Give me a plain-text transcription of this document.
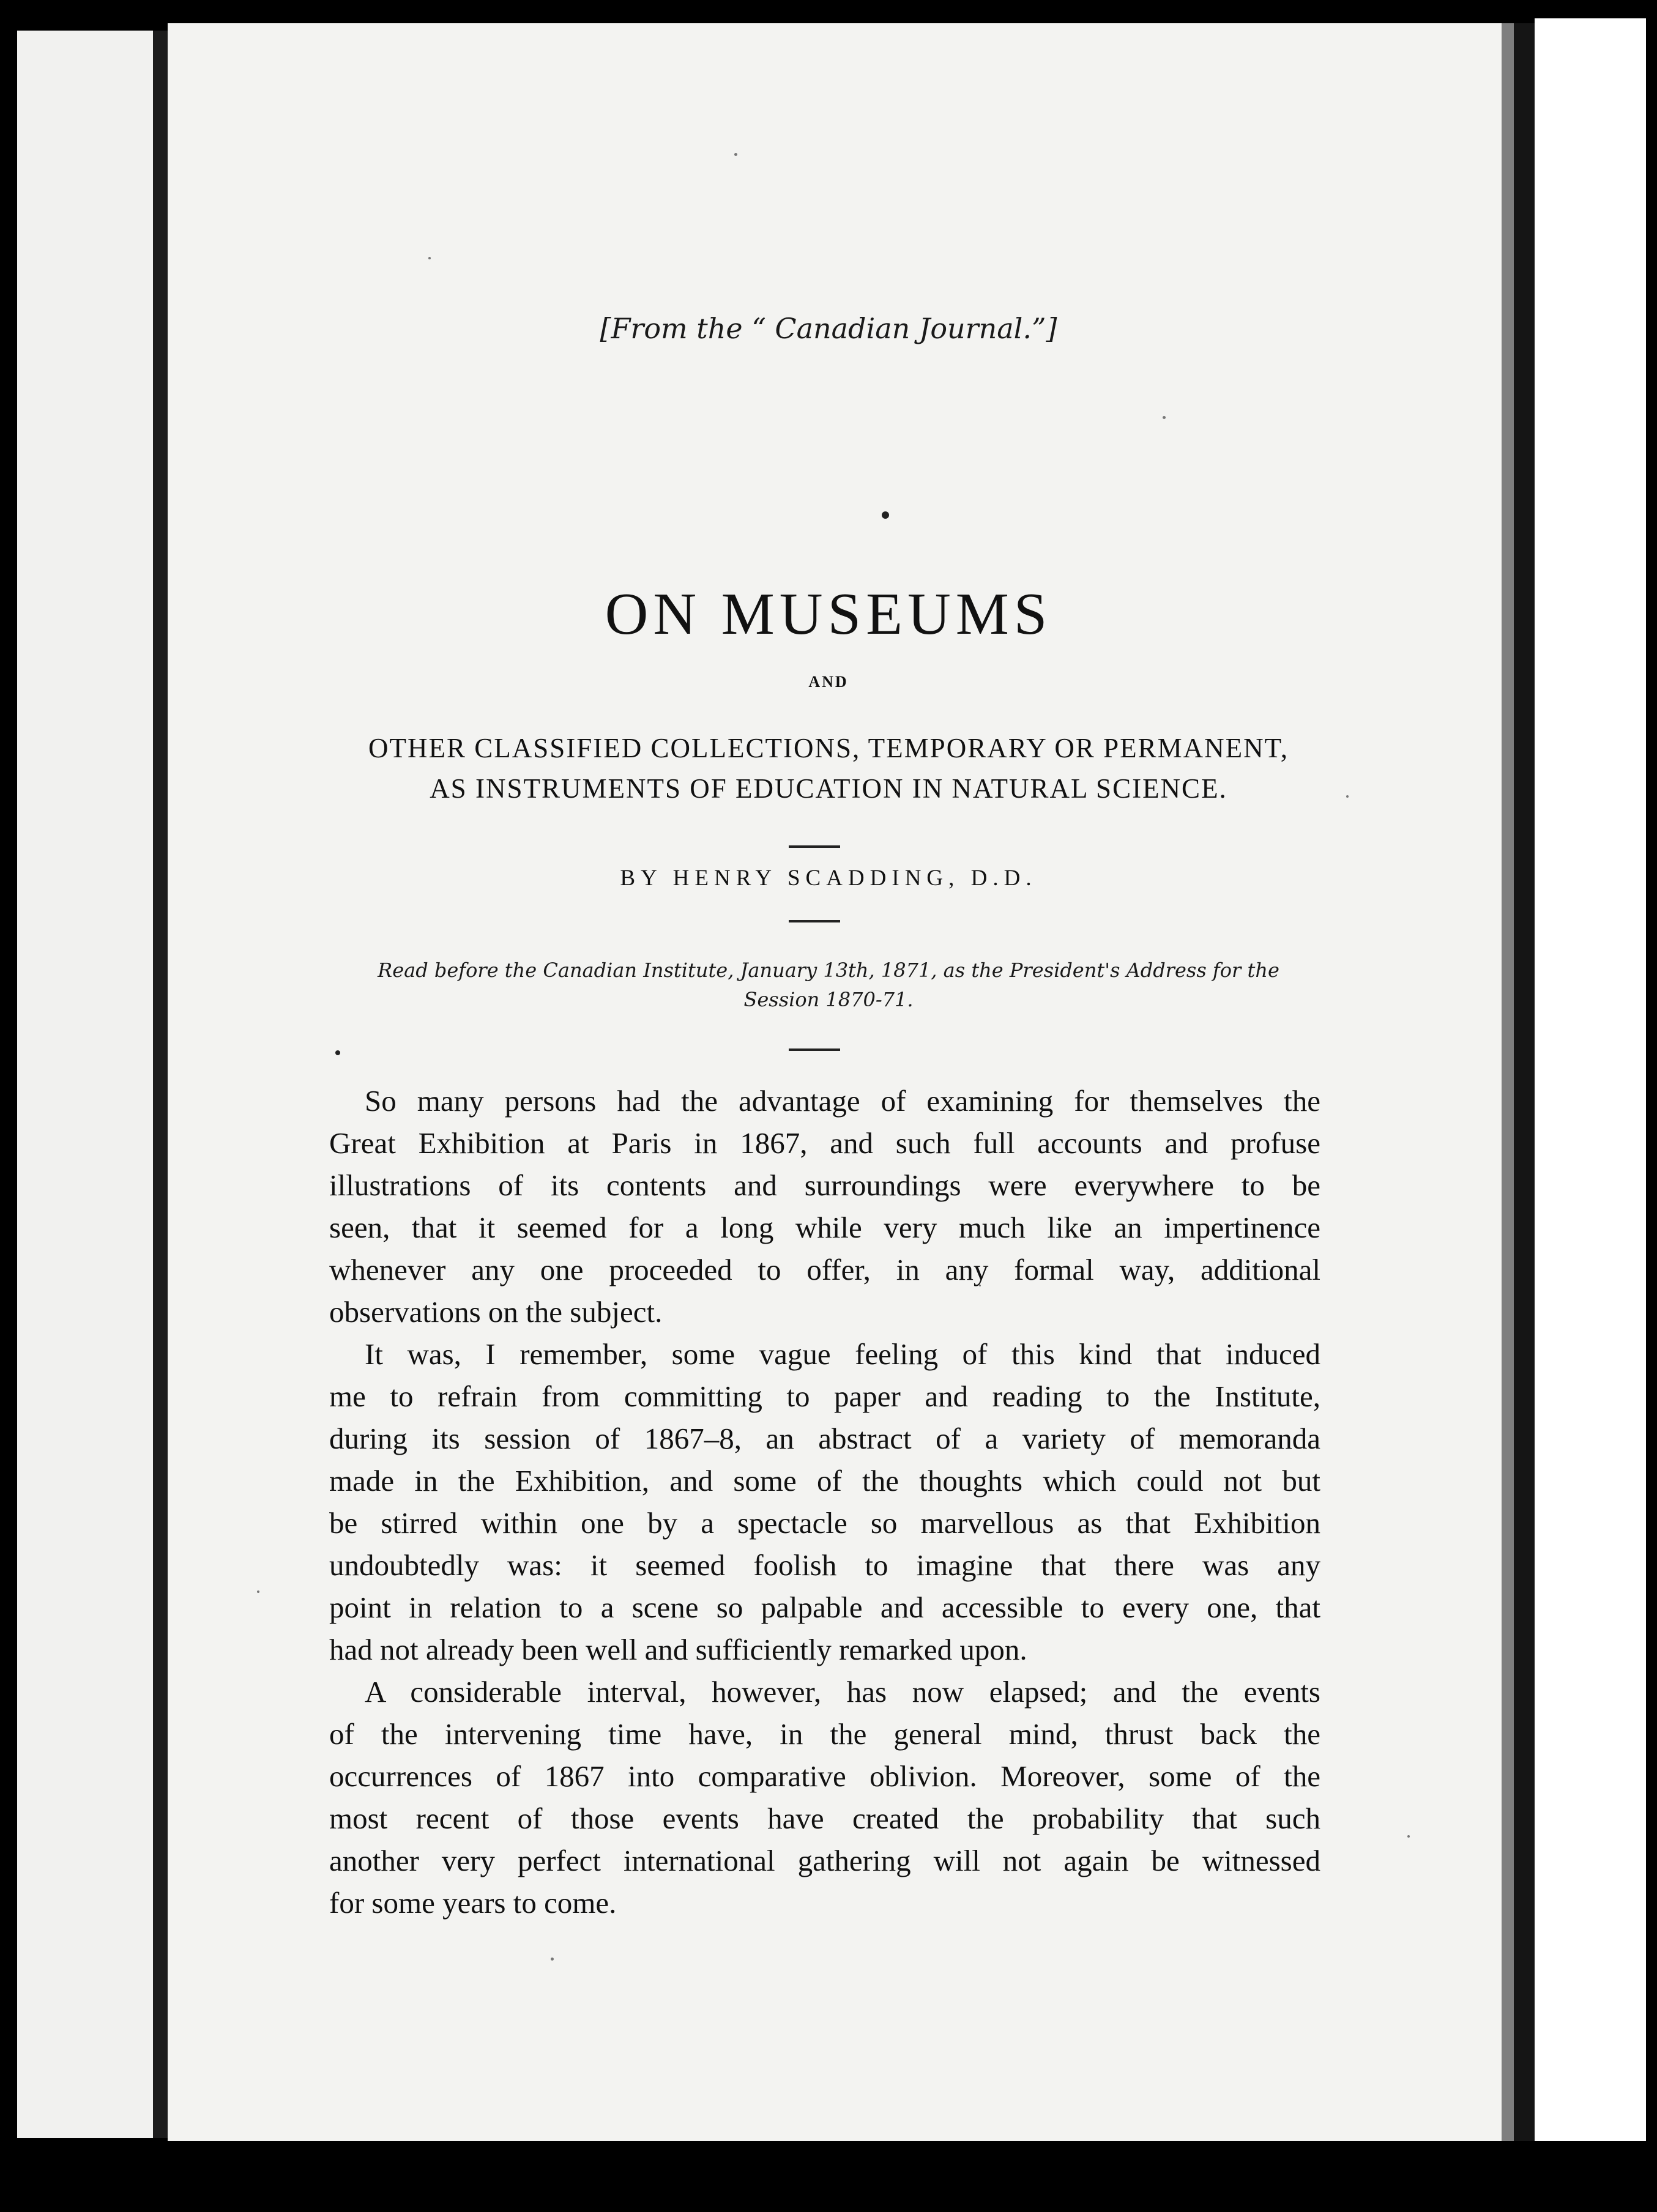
[From the “ Canadian Journal.”]

ON MUSEUMS

AND

OTHER CLASSIFIED COLLECTIONS, TEMPORARY OR PERMANENT,
AS INSTRUMENTS OF EDUCATION IN NATURAL SCIENCE.

BY HENRY SCADDING, D.D.

Read before the Canadian Institute, January 13th, 1871, as the President's Address for the
Session 1870-71.

So many persons had the advantage of examining for themselves the
Great Exhibition at Paris in 1867, and such full accounts and profuse
illustrations of its contents and surroundings were everywhere to be
seen, that it seemed for a long while very much like an impertinence
whenever any one proceeded to offer, in any formal way, additional
observations on the subject.

It was, I remember, some vague feeling of this kind that induced
me to refrain from committing to paper and reading to the Institute,
during its session of 1867–8, an abstract of a variety of memoranda
made in the Exhibition, and some of the thoughts which could not but
be stirred within one by a spectacle so marvellous as that Exhibition
undoubtedly was: it seemed foolish to imagine that there was any
point in relation to a scene so palpable and accessible to every one, that
had not already been well and sufficiently remarked upon.

A considerable interval, however, has now elapsed; and the events
of the intervening time have, in the general mind, thrust back the
occurrences of 1867 into comparative oblivion. Moreover, some of the
most recent of those events have created the probability that such
another very perfect international gathering will not again be witnessed
for some years to come.
